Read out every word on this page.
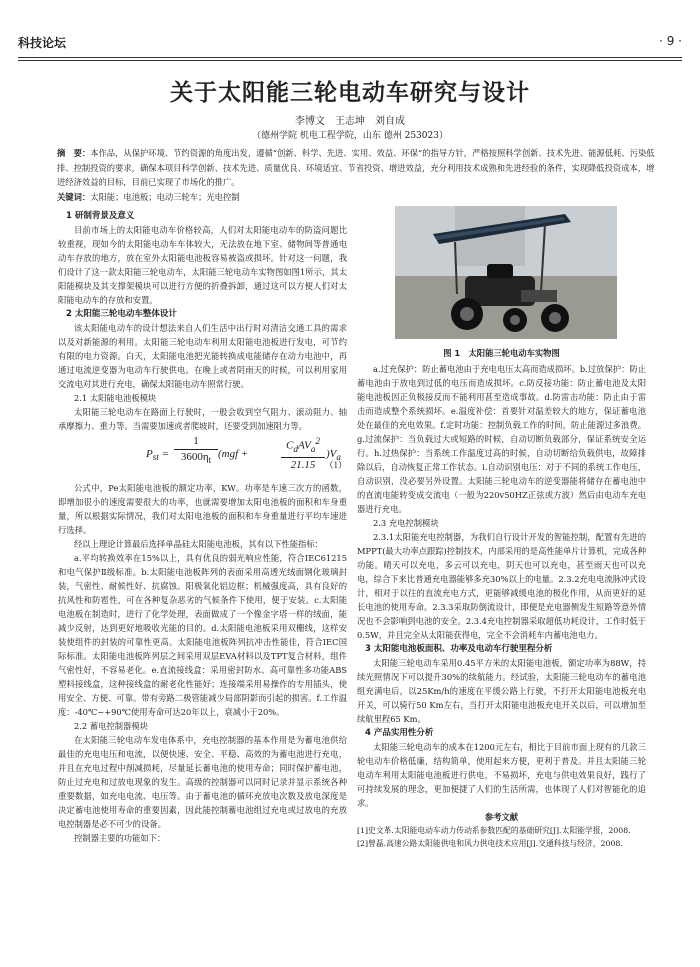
科技论坛	· 9 ·
关于太阳能三轮电动车研究与设计
李博文　王志坤　刘自成
（德州学院 机电工程学院，山东 德州 253023）
摘　要：本作品，从保护环境、节约资源的角度出发，遵循“创新、科学、先进、实用、效益、环保”的指导方针，严格按照科学创新、技术先进、能源低耗、污染低排、控制投资的要求，确保本项目科学创新、技术先进、质量优良、环境适宜、节省投资、增进效益，充分利用技术成熟和先进经验的条件，实现降低投资成本，增进经济效益的目标，目前已实现了市场化的推广。
关键词：太阳能；电池板；电动三轮车；光电控制

1 研制背景及意义

目前市场上的太阳能电动车价格较高，人们对太阳能电动车的防盗问题比较重视，现如今的太阳能电动车车体较大，无法放在地下室、储物间等普通电动车存放的地方，放在室外太阳能电池板容易被盗或损坏。针对这一问题，我们设计了这一款太阳能三轮电动车，太阳能三轮电动车实物图如图1所示，其太阳能模块及其支撑架模块可以进行方便的折叠拆卸，通过这可以方便人们对太阳能电动车的存放和安置。

2 太阳能三轮电动车整体设计

该太阳能电动车的设计想法来自人们生活中出行时对清洁交通工具的需求以及对新能源的利用。太阳能三轮电动车利用太阳能电池板进行发电，可节约有限的电力资源。白天，太阳能电池把光能转换成电能储存在动力电池中，再通过电流逆变器为电动车行驶供电。在晚上或者阴雨天的时候，可以利用家用交流电对其进行充电，确保太阳能电动车照常行驶。

2.1 太阳能电池板模块

太阳能三轮电动车在路面上行驶时，一般会收到空气阻力、滚动阻力、轴承摩擦力、重力等。当需要加速或者爬坡时，还要受到加速阻力等。

$P_{st}$ =
1
$3600\eta_t$
(mgf +
$C_dAV_a^2$
21.15
)$V_a$
（1）

公式中，Pe太阳能电池板的额定功率，KW。功率是车速三次方的函数，即增加很小的速度需要很大的功率，也就需要增加太阳电池板的面积和车身重量，所以根据实际情况，我们对太阳电池板的面积和车身重量进行平均车速进行选择。

经以上理论计算最后选择单晶硅太阳能电池板，其有以下性能指标：

a.平均转换效率在15%以上，具有优良的弱光响应性能，符合IEC61215和电气保护Ⅱ级标准。b.太阳能电池板阵列的表面采用高透光绒面钢化玻璃封装，气密性、耐候性好、抗腐蚀。阳极氧化铝边框；机械强度高，具有良好的抗风性和防雹性，可在各种复杂恶劣的气候条件下使用，便于安装。c.太阳能电池板在制造时，进行了化学处理，表面做成了一个像金字塔一样的绒面，能减少反射，达到更好地吸收光能的目的。d.太阳能电池板采用双栅线，这样安装使组件的封装的可靠性更高。太阳能电池板阵列抗冲击性能佳，符合IEC国际标准。太阳能电池板阵列层之间采用双层EVA材料以及TPT复合材料，组件气密性好，不容易老化。e.直流接线盒：采用密封防水、高可靠性多功能ABS塑料接线盒，这种接线盒的耐老化性能好；连接端采用易操作的专用插头，使用安全、方便、可靠。带有旁路二极管能减少局部阴影而引起的损害。f.工作温度：-40℃~+90℃使用寿命可达20年以上，衰减小于20%。

2.2 蓄电控制器模块

在太阳能三轮电动车发电体系中，充电控制器的基本作用是为蓄电池供给最佳的充电电压和电流，以便快速、安全、平稳、高效的为蓄电池进行充电，并且在充电过程中削减损耗，尽量延长蓄电池的使用寿命；同时保护蓄电池，防止过充电和过放电现象的发生。高级的控制器可以同时记录并显示系统各种重要数据，如充电电流、电压等。由于蓄电池的循环充放电次数及放电深度是决定蓄电池使用寿命的重要因素，因此能控制蓄电池组过充电或过放电的充放电控制器是必不可少的设备。

控制器主要的功能如下：

图 1　太阳能三轮电动车实物图

a.过充保护：防止蓄电池由于充电电压太高而造成损坏。b.过放保护：防止蓄电池由于放电到过低的电压而造成损坏。c.防反接功能：防止蓄电池及太阳能电池板因正负极接反而不能利用甚至造成事故。d.防雷击功能：防止由于雷击而造成整个系统损坏。e.温度补偿：首要针对温差较大的地方，保证蓄电池处在最佳的充电效果。f.定时功能：控制负载工作的时间，防止能源过多浪费。g.过流保护：当负载过大或短路的时候，自动切断负载部分，保证系统安全运行。h.过热保护：当系统工作温度过高的时候，自动切断给负载供电，故障排除以后，自动恢复正常工作状态。i.自动识别电压：对于不同的系统工作电压，自动识别，没必要另外设置。太阳能三轮电动车的逆变器能将储存在蓄电池中的直流电能转变成交流电（一般为220v50HZ正弦或方波）然后由电动车充电器进行充电。

2.3 充电控制模块

2.3.1太阳能充电控制器，为我们自行设计开发的智能控制，配置有先进的MPPT(最大功率点跟踪)控制技术，内部采用的是高性能单片计算机，完成各种功能。晴天可以充电，多云可以充电，阴天也可以充电，甚至雨天也可以充电，综合下来比普通充电器能够多充30%以上的电量。2.3.2充电电流脉冲式设计，相对于以往的直流充电方式，更能够减缓电池的极化作用，从而更好的延长电池的使用寿命。2.3.3采取防倒流设计，即便是充电器侧发生短路等意外情况也不会影响到电池的安全。2.3.4充电控制器采取超低功耗设计，工作时低于0.5W，并且完全从太阳能获得电，完全不会消耗车内蓄电池电力。

3 太阳能电池板面积、功率及电动车行驶里程分析

太阳能三轮电动车采用0.45平方米的太阳能电池板，额定功率为88W，持续光照情况下可以提升30%的续航能力。经试验，太阳能三轮电动车的蓄电池组充满电后，以25Km/h的速度在平缓公路上行驶，不打开太阳能电池板充电开关，可以骑行50 Km左右，当打开太阳能电池板充电开关以后，可以增加至续航里程65 Km。

4 产品实用性分析

太阳能三轮电动车的成本在1200元左右，相比于目前市面上现有的几款三轮电动车价格低廉，结构简单，使用起来方便，更利于普及。并且太阳能三轮电动车利用太阳能电池板进行供电，不易损坏，充电与供电效果良好，践行了可持续发展的理念，更加便捷了人们的生活所需，也体现了人们对智能化的追求。

参考文献

[1]史文革.太阳能电动车动力传动系参数匹配的基础研究[J].太阳能学报，2008.

[2]曾磊.高速公路太阳能供电和风力供电技术应用[J].交通科技与经济，2008.
